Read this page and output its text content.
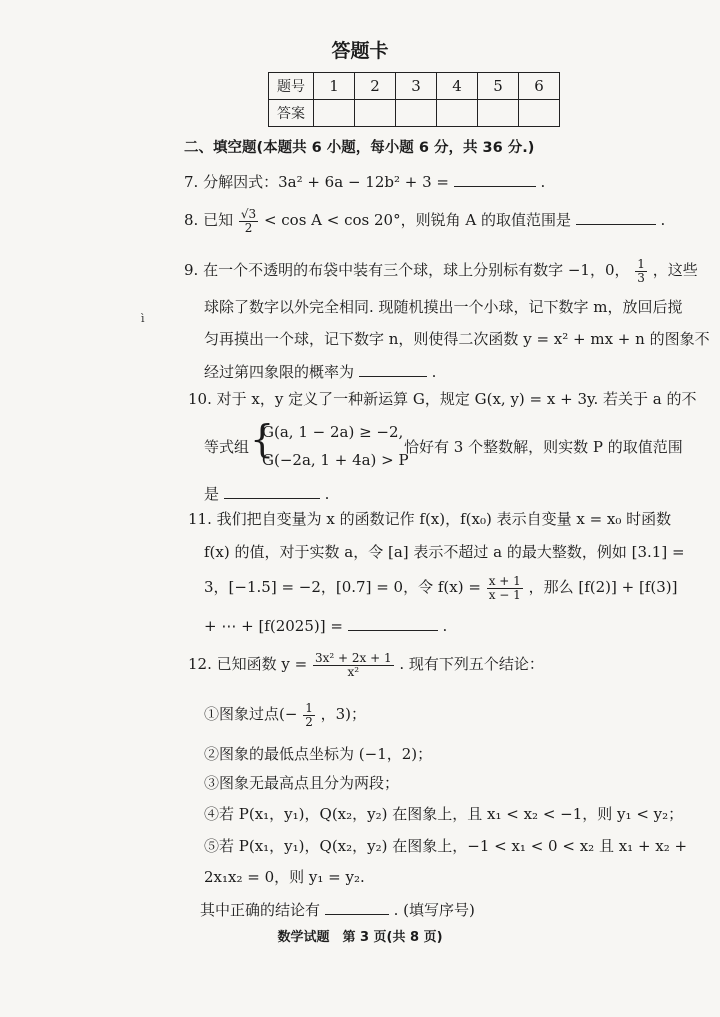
答题卡
题号	1	2	3	4	5	6
答案						
二、填空题(本题共 6 小题，每小题 6 分，共 36 分.)
7. 分解因式：3a² + 6a − 12b² + 3 =	.
8. 已知 $\frac{√3}{2} < \cos A < \cos 20^\circ$，则锐角 A 的取值范围是	.
9. 在一个不透明的布袋中装有三个球，球上分别标有数字 −1，0， $\frac{1}{3}$ ，这些
球除了数字以外完全相同. 现随机摸出一个小球，记下数字 m，放回后搅
匀再摸出一个球，记下数字 n，则使得二次函数 y = x² + mx + n 的图象不
经过第四象限的概率为	.
ì
10. 对于 x，y 定义了一种新运算 G，规定 G(x, y) = x + 3y. 若关于 a 的不
等式组 {
G(a, 1 − 2a) ≥ −2,
G(−2a, 1 + 4a) > P
恰好有 3 个整数解，则实数 P 的取值范围
是	.
11. 我们把自变量为 x 的函数记作 f(x)，f(x₀) 表示自变量 x = x₀ 时函数
f(x) 的值，对于实数 a，令 [a] 表示不超过 a 的最大整数，例如 [3.1] =
3，[−1.5] = −2，[0.7] = 0，令 $f(x) = \frac{x + 1}{x - 1}$ ，那么 [f(2)] + [f(3)]
+ ⋯ + [f(2025)] =	.
12. 已知函数 $y = \frac{\text{3x² + 2x + 1}}{\text{x²}}$ . 现有下列五个结论：
①图象过点(− $\frac{1}{2}$ ，3)；
②图象的最低点坐标为 (−1，2)；
③图象无最高点且分为两段；
④若 P(x₁，y₁)，Q(x₂，y₂) 在图象上，且 x₁ < x₂ < −1，则 y₁ < y₂；
⑤若 P(x₁，y₁)，Q(x₂，y₂) 在图象上，−1 < x₁ < 0 < x₂ 且 x₁ + x₂ +
2x₁x₂ = 0，则 y₁ = y₂.
其中正确的结论有	. (填写序号)
数学试题　第 3 页(共 8 页)
